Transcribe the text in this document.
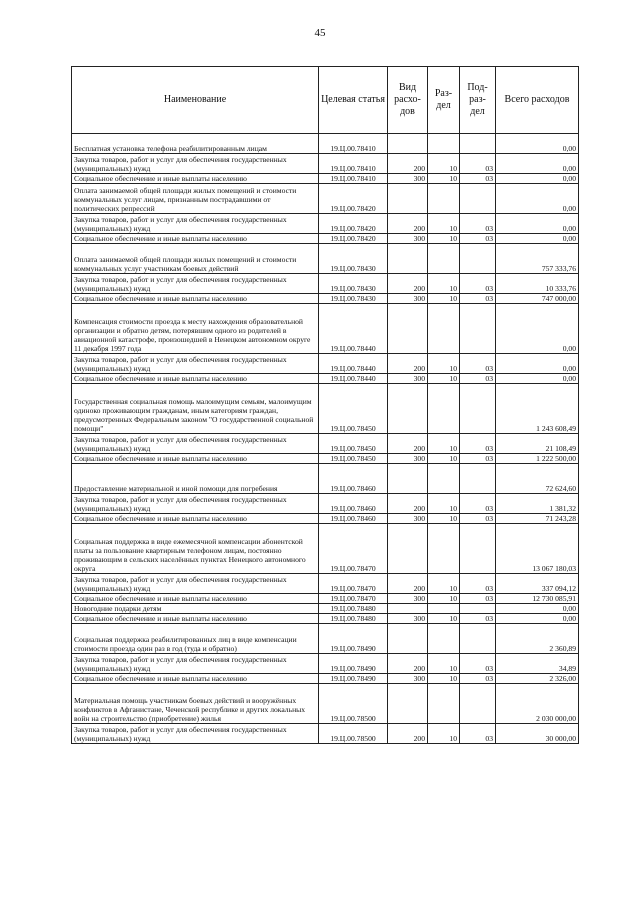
45
Наименование	Целевая статья	Вид расхо-дов	Раз-дел	Под-раз-дел	Всего расходов
Бесплатная установка телефона реабилитированным лицам	19.Ц.00.78410				0,00
Закупка товаров, работ и услуг для обеспечения государственных (муниципальных) нужд	19.Ц.00.78410	200	10	03	0,00
Социальное обеспечение и иные выплаты населению	19.Ц.00.78410	300	10	03	0,00
Оплата занимаемой общей площади жилых помещений и стоимости коммунальных услуг лицам, признанным пострадавшими от политических репрессий	19.Ц.00.78420				0,00
Закупка товаров, работ и услуг для обеспечения государственных (муниципальных) нужд	19.Ц.00.78420	200	10	03	0,00
Социальное обеспечение и иные выплаты населению	19.Ц.00.78420	300	10	03	0,00
Оплата занимаемой общей площади жилых помещений и стоимости коммунальных услуг участникам боевых действий	19.Ц.00.78430				757 333,76
Закупка товаров, работ и услуг для обеспечения государственных (муниципальных) нужд	19.Ц.00.78430	200	10	03	10 333,76
Социальное обеспечение и иные выплаты населению	19.Ц.00.78430	300	10	03	747 000,00
Компенсация стоимости проезда к месту нахождения образовательной организации и обратно детям, потерявшим одного из родителей в авиационной катастрофе, произошедшей в Ненецком автономном округе 11 декабря 1997 года	19.Ц.00.78440				0,00
Закупка товаров, работ и услуг для обеспечения государственных (муниципальных) нужд	19.Ц.00.78440	200	10	03	0,00
Социальное обеспечение и иные выплаты населению	19.Ц.00.78440	300	10	03	0,00
Государственная социальная помощь малоимущим семьям, малоимущим одиноко проживающим гражданам, иным категориям граждан, предусмотренных Федеральным законом "О государственной социальной помощи"	19.Ц.00.78450				1 243 608,49
Закупка товаров, работ и услуг для обеспечения государственных (муниципальных) нужд	19.Ц.00.78450	200	10	03	21 108,49
Социальное обеспечение и иные выплаты населению	19.Ц.00.78450	300	10	03	1 222 500,00
Предоставление материальной и иной помощи для погребения	19.Ц.00.78460				72 624,60
Закупка товаров, работ и услуг для обеспечения государственных (муниципальных) нужд	19.Ц.00.78460	200	10	03	1 381,32
Социальное обеспечение и иные выплаты населению	19.Ц.00.78460	300	10	03	71 243,28
Социальная поддержка в виде ежемесячной компенсации абонентской платы за пользование квартирным телефоном лицам, постоянно проживающим в сельских населённых пунктах Ненецкого автономного округа	19.Ц.00.78470				13 067 180,03
Закупка товаров, работ и услуг для обеспечения государственных (муниципальных) нужд	19.Ц.00.78470	200	10	03	337 094,12
Социальное обеспечение и иные выплаты населению	19.Ц.00.78470	300	10	03	12 730 085,91
Новогодние подарки детям	19.Ц.00.78480				0,00
Социальное обеспечение и иные выплаты населению	19.Ц.00.78480	300	10	03	0,00
Социальная поддержка реабилитированных лиц в виде компенсации стоимости проезда один раз в год (туда и обратно)	19.Ц.00.78490				2 360,89
Закупка товаров, работ и услуг для обеспечения государственных (муниципальных) нужд	19.Ц.00.78490	200	10	03	34,89
Социальное обеспечение и иные выплаты населению	19.Ц.00.78490	300	10	03	2 326,00
Материальная помощь участникам боевых действий и вооружённых конфликтов в Афганистане, Чеченской республике и других локальных войн на строительство (приобретение) жилья	19.Ц.00.78500				2 030 000,00
Закупка товаров, работ и услуг для обеспечения государственных (муниципальных) нужд	19.Ц.00.78500	200	10	03	30 000,00
